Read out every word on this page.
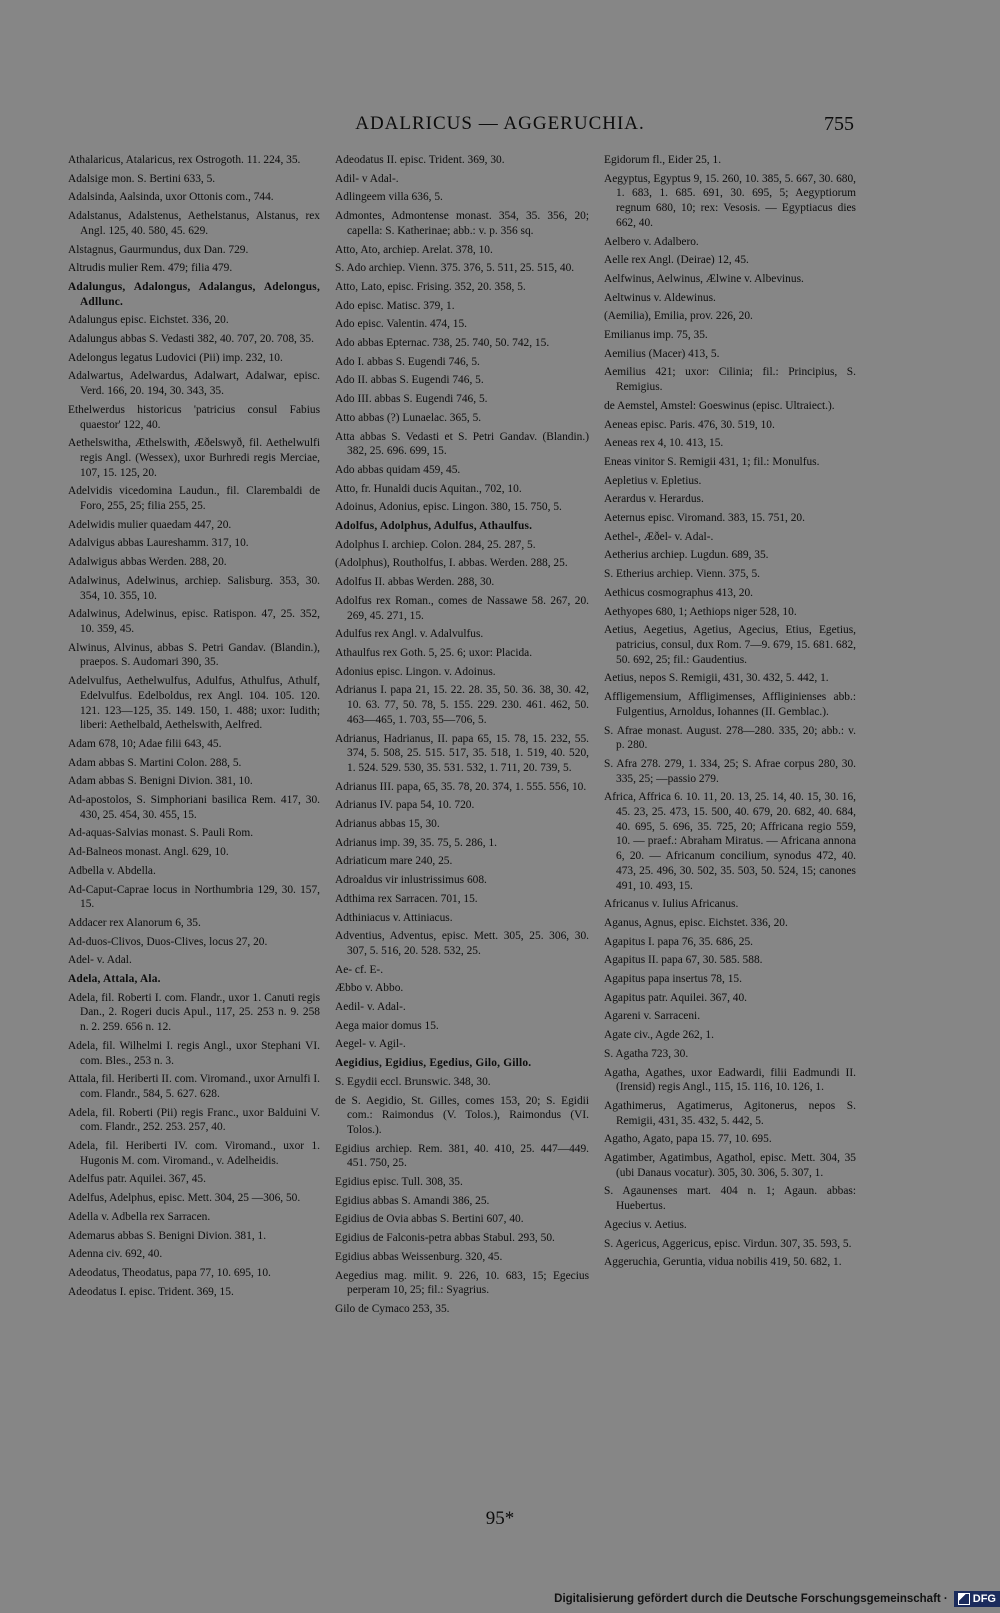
ADALRICUS — AGGERUCHIA.	755

Athalaricus, Atalaricus, rex Ostrogoth. 11. 224, 35.

Adalsige mon. S. Bertini 633, 5.

Adalsinda, Aalsinda, uxor Ottonis com., 744.

Adalstanus, Adalstenus, Aethelstanus, Alstanus, rex Angl. 125, 40. 580, 45. 629.

Alstagnus, Gaurmundus, dux Dan. 729.

Altrudis mulier Rem. 479; filia 479.

Adalungus, Adalongus, Adalangus, Adelongus, Adllunc.

Adalungus episc. Eichstet. 336, 20.

Adalungus abbas S. Vedasti 382, 40. 707, 20. 708, 35.

Adelongus legatus Ludovici (Pii) imp. 232, 10.

Adalwartus, Adelwardus, Adalwart, Adalwar, episc. Verd. 166, 20. 194, 30. 343, 35.

Ethelwerdus historicus 'patricius consul Fabius quaestor' 122, 40.

Aethelswitha, Æthelswith, Æðelswyð, fil. Aethelwulfi regis Angl. (Wessex), uxor Burhredi regis Merciae, 107, 15. 125, 20.

Adelvidis vicedomina Laudun., fil. Clarembaldi de Foro, 255, 25; filia 255, 25.

Adelwidis mulier quaedam 447, 20.

Adalvigus abbas Laureshamm. 317, 10.

Adalwigus abbas Werden. 288, 20.

Adalwinus, Adelwinus, archiep. Salisburg. 353, 30. 354, 10. 355, 10.

Adalwinus, Adelwinus, episc. Ratispon. 47, 25. 352, 10. 359, 45.

Alwinus, Alvinus, abbas S. Petri Gandav. (Blandin.), praepos. S. Audomari 390, 35.

Adelvulfus, Aethelwulfus, Adulfus, Athulfus, Athulf, Edelvulfus. Edelboldus, rex Angl. 104. 105. 120. 121. 123—125, 35. 149. 150, 1. 488; uxor: Iudith; liberi: Aethelbald, Aethelswith, Aelfred.

Adam 678, 10; Adae filii 643, 45.

Adam abbas S. Martini Colon. 288, 5.

Adam abbas S. Benigni Divion. 381, 10.

Ad-apostolos, S. Simphoriani basilica Rem. 417, 30. 430, 25. 454, 30. 455, 15.

Ad-aquas-Salvias monast. S. Pauli Rom.

Ad-Balneos monast. Angl. 629, 10.

Adbella v. Abdella.

Ad-Caput-Caprae locus in Northumbria 129, 30. 157, 15.

Addacer rex Alanorum 6, 35.

Ad-duos-Clivos, Duos-Clives, locus 27, 20.

Adel- v. Adal.

Adela, Attala, Ala.

Adela, fil. Roberti I. com. Flandr., uxor 1. Canuti regis Dan., 2. Rogeri ducis Apul., 117, 25. 253 n. 9. 258 n. 2. 259. 656 n. 12.

Adela, fil. Wilhelmi I. regis Angl., uxor Stephani VI. com. Bles., 253 n. 3.

Attala, fil. Heriberti II. com. Viromand., uxor Arnulfi I. com. Flandr., 584, 5. 627. 628.

Adela, fil. Roberti (Pii) regis Franc., uxor Balduini V. com. Flandr., 252. 253. 257, 40.

Adela, fil. Heriberti IV. com. Viromand., uxor 1. Hugonis M. com. Viromand., v. Adelheidis.

Adelfus patr. Aquilei. 367, 45.

Adelfus, Adelphus, episc. Mett. 304, 25 —306, 50.

Adella v. Adbella rex Sarracen.

Ademarus abbas S. Benigni Divion. 381, 1.

Adenna civ. 692, 40.

Adeodatus, Theodatus, papa 77, 10. 695, 10.

Adeodatus I. episc. Trident. 369, 15.

Adeodatus II. episc. Trident. 369, 30.

Adil- v Adal-.

Adlingeem villa 636, 5.

Admontes, Admontense monast. 354, 35. 356, 20; capella: S. Katherinae; abb.: v. p. 356 sq.

Atto, Ato, archiep. Arelat. 378, 10.

S. Ado archiep. Vienn. 375. 376, 5. 511, 25. 515, 40.

Atto, Lato, episc. Frising. 352, 20. 358, 5.

Ado episc. Matisc. 379, 1.

Ado episc. Valentin. 474, 15.

Ado abbas Epternac. 738, 25. 740, 50. 742, 15.

Ado I. abbas S. Eugendi 746, 5.

Ado II. abbas S. Eugendi 746, 5.

Ado III. abbas S. Eugendi 746, 5.

Atto abbas (?) Lunaelac. 365, 5.

Atta abbas S. Vedasti et S. Petri Gandav. (Blandin.) 382, 25. 696. 699, 15.

Ado abbas quidam 459, 45.

Atto, fr. Hunaldi ducis Aquitan., 702, 10.

Adoinus, Adonius, episc. Lingon. 380, 15. 750, 5.

Adolfus, Adolphus, Adulfus, Athaulfus.

Adolphus I. archiep. Colon. 284, 25. 287, 5.

(Adolphus), Routholfus, I. abbas. Werden. 288, 25.

Adolfus II. abbas Werden. 288, 30.

Adolfus rex Roman., comes de Nassawe 58. 267, 20. 269, 45. 271, 15.

Adulfus rex Angl. v. Adalvulfus.

Athaulfus rex Goth. 5, 25. 6; uxor: Placida.

Adonius episc. Lingon. v. Adoinus.

Adrianus I. papa 21, 15. 22. 28. 35, 50. 36. 38, 30. 42, 10. 63. 77, 50. 78, 5. 155. 229. 230. 461. 462, 50. 463—465, 1. 703, 55—706, 5.

Adrianus, Hadrianus, II. papa 65, 15. 78, 15. 232, 55. 374, 5. 508, 25. 515. 517, 35. 518, 1. 519, 40. 520, 1. 524. 529. 530, 35. 531. 532, 1. 711, 20. 739, 5.

Adrianus III. papa, 65, 35. 78, 20. 374, 1. 555. 556, 10.

Adrianus IV. papa 54, 10. 720.

Adrianus abbas 15, 30.

Adrianus imp. 39, 35. 75, 5. 286, 1.

Adriaticum mare 240, 25.

Adroaldus vir inlustrissimus 608.

Adthima rex Sarracen. 701, 15.

Adthiniacus v. Attiniacus.

Adventius, Adventus, episc. Mett. 305, 25. 306, 30. 307, 5. 516, 20. 528. 532, 25.

Ae- cf. E-.

Æbbo v. Abbo.

Aedil- v. Adal-.

Aega maior domus 15.

Aegel- v. Agil-.

Aegidius, Egidius, Egedius, Gilo, Gillo.

S. Egydii eccl. Brunswic. 348, 30.

de S. Aegidio, St. Gilles, comes 153, 20; S. Egidii com.: Raimondus (V. Tolos.), Raimondus (VI. Tolos.).

Egidius archiep. Rem. 381, 40. 410, 25. 447—449. 451. 750, 25.

Egidius episc. Tull. 308, 35.

Egidius abbas S. Amandi 386, 25.

Egidius de Ovia abbas S. Bertini 607, 40.

Egidius de Falconis-petra abbas Stabul. 293, 50.

Egidius abbas Weissenburg. 320, 45.

Aegedius mag. milit. 9. 226, 10. 683, 15; Egecius perperam 10, 25; fil.: Syagrius.

Gilo de Cymaco 253, 35.

Egidorum fl., Eider 25, 1.

Aegyptus, Egyptus 9, 15. 260, 10. 385, 5. 667, 30. 680, 1. 683, 1. 685. 691, 30. 695, 5; Aegyptiorum regnum 680, 10; rex: Vesosis. — Egyptiacus dies 662, 40.

Aelbero v. Adalbero.

Aelle rex Angl. (Deirae) 12, 45.

Aelfwinus, Aelwinus, Ælwine v. Albevinus.

Aeltwinus v. Aldewinus.

(Aemilia), Emilia, prov. 226, 20.

Emilianus imp. 75, 35.

Aemilius (Macer) 413, 5.

Aemilius 421; uxor: Cilinia; fil.: Principius, S. Remigius.

de Aemstel, Amstel: Goeswinus (episc. Ultraiect.).

Aeneas episc. Paris. 476, 30. 519, 10.

Aeneas rex 4, 10. 413, 15.

Eneas vinitor S. Remigii 431, 1; fil.: Monulfus.

Aepletius v. Epletius.

Aerardus v. Herardus.

Aeternus episc. Viromand. 383, 15. 751, 20.

Aethel-, Æðel- v. Adal-.

Aetherius archiep. Lugdun. 689, 35.

S. Etherius archiep. Vienn. 375, 5.

Aethicus cosmographus 413, 20.

Aethyopes 680, 1; Aethiops niger 528, 10.

Aetius, Aegetius, Agetius, Agecius, Etius, Egetius, patricius, consul, dux Rom. 7—9. 679, 15. 681. 682, 50. 692, 25; fil.: Gaudentius.

Aetius, nepos S. Remigii, 431, 30. 432, 5. 442, 1.

Affligemensium, Affligimenses, Affliginienses abb.: Fulgentius, Arnoldus, Iohannes (II. Gemblac.).

S. Afrae monast. August. 278—280. 335, 20; abb.: v. p. 280.

S. Afra 278. 279, 1. 334, 25; S. Afrae corpus 280, 30. 335, 25; —passio 279.

Africa, Affrica 6. 10. 11, 20. 13, 25. 14, 40. 15, 30. 16, 45. 23, 25. 473, 15. 500, 40. 679, 20. 682, 40. 684, 40. 695, 5. 696, 35. 725, 20; Affricana regio 559, 10. — praef.: Abraham Miratus. — Africana annona 6, 20. — Africanum concilium, synodus 472, 40. 473, 25. 496, 30. 502, 35. 503, 50. 524, 15; canones 491, 10. 493, 15.

Africanus v. Iulius Africanus.

Aganus, Agnus, episc. Eichstet. 336, 20.

Agapitus I. papa 76, 35. 686, 25.

Agapitus II. papa 67, 30. 585. 588.

Agapitus papa insertus 78, 15.

Agapitus patr. Aquilei. 367, 40.

Agareni v. Sarraceni.

Agate civ., Agde 262, 1.

S. Agatha 723, 30.

Agatha, Agathes, uxor Eadwardi, filii Eadmundi II. (Irensid) regis Angl., 115, 15. 116, 10. 126, 1.

Agathimerus, Agatimerus, Agitonerus, nepos S. Remigii, 431, 35. 432, 5. 442, 5.

Agatho, Agato, papa 15. 77, 10. 695.

Agatimber, Agatimbus, Agathol, episc. Mett. 304, 35 (ubi Danaus vocatur). 305, 30. 306, 5. 307, 1.

S. Agaunenses mart. 404 n. 1; Agaun. abbas: Huebertus.

Agecius v. Aetius.

S. Agericus, Aggericus, episc. Virdun. 307, 35. 593, 5.

Aggeruchia, Geruntia, vidua nobilis 419, 50. 682, 1.

95*
Digitalisierung gefördert durch die Deutsche Forschungsgemeinschaft · DFG
